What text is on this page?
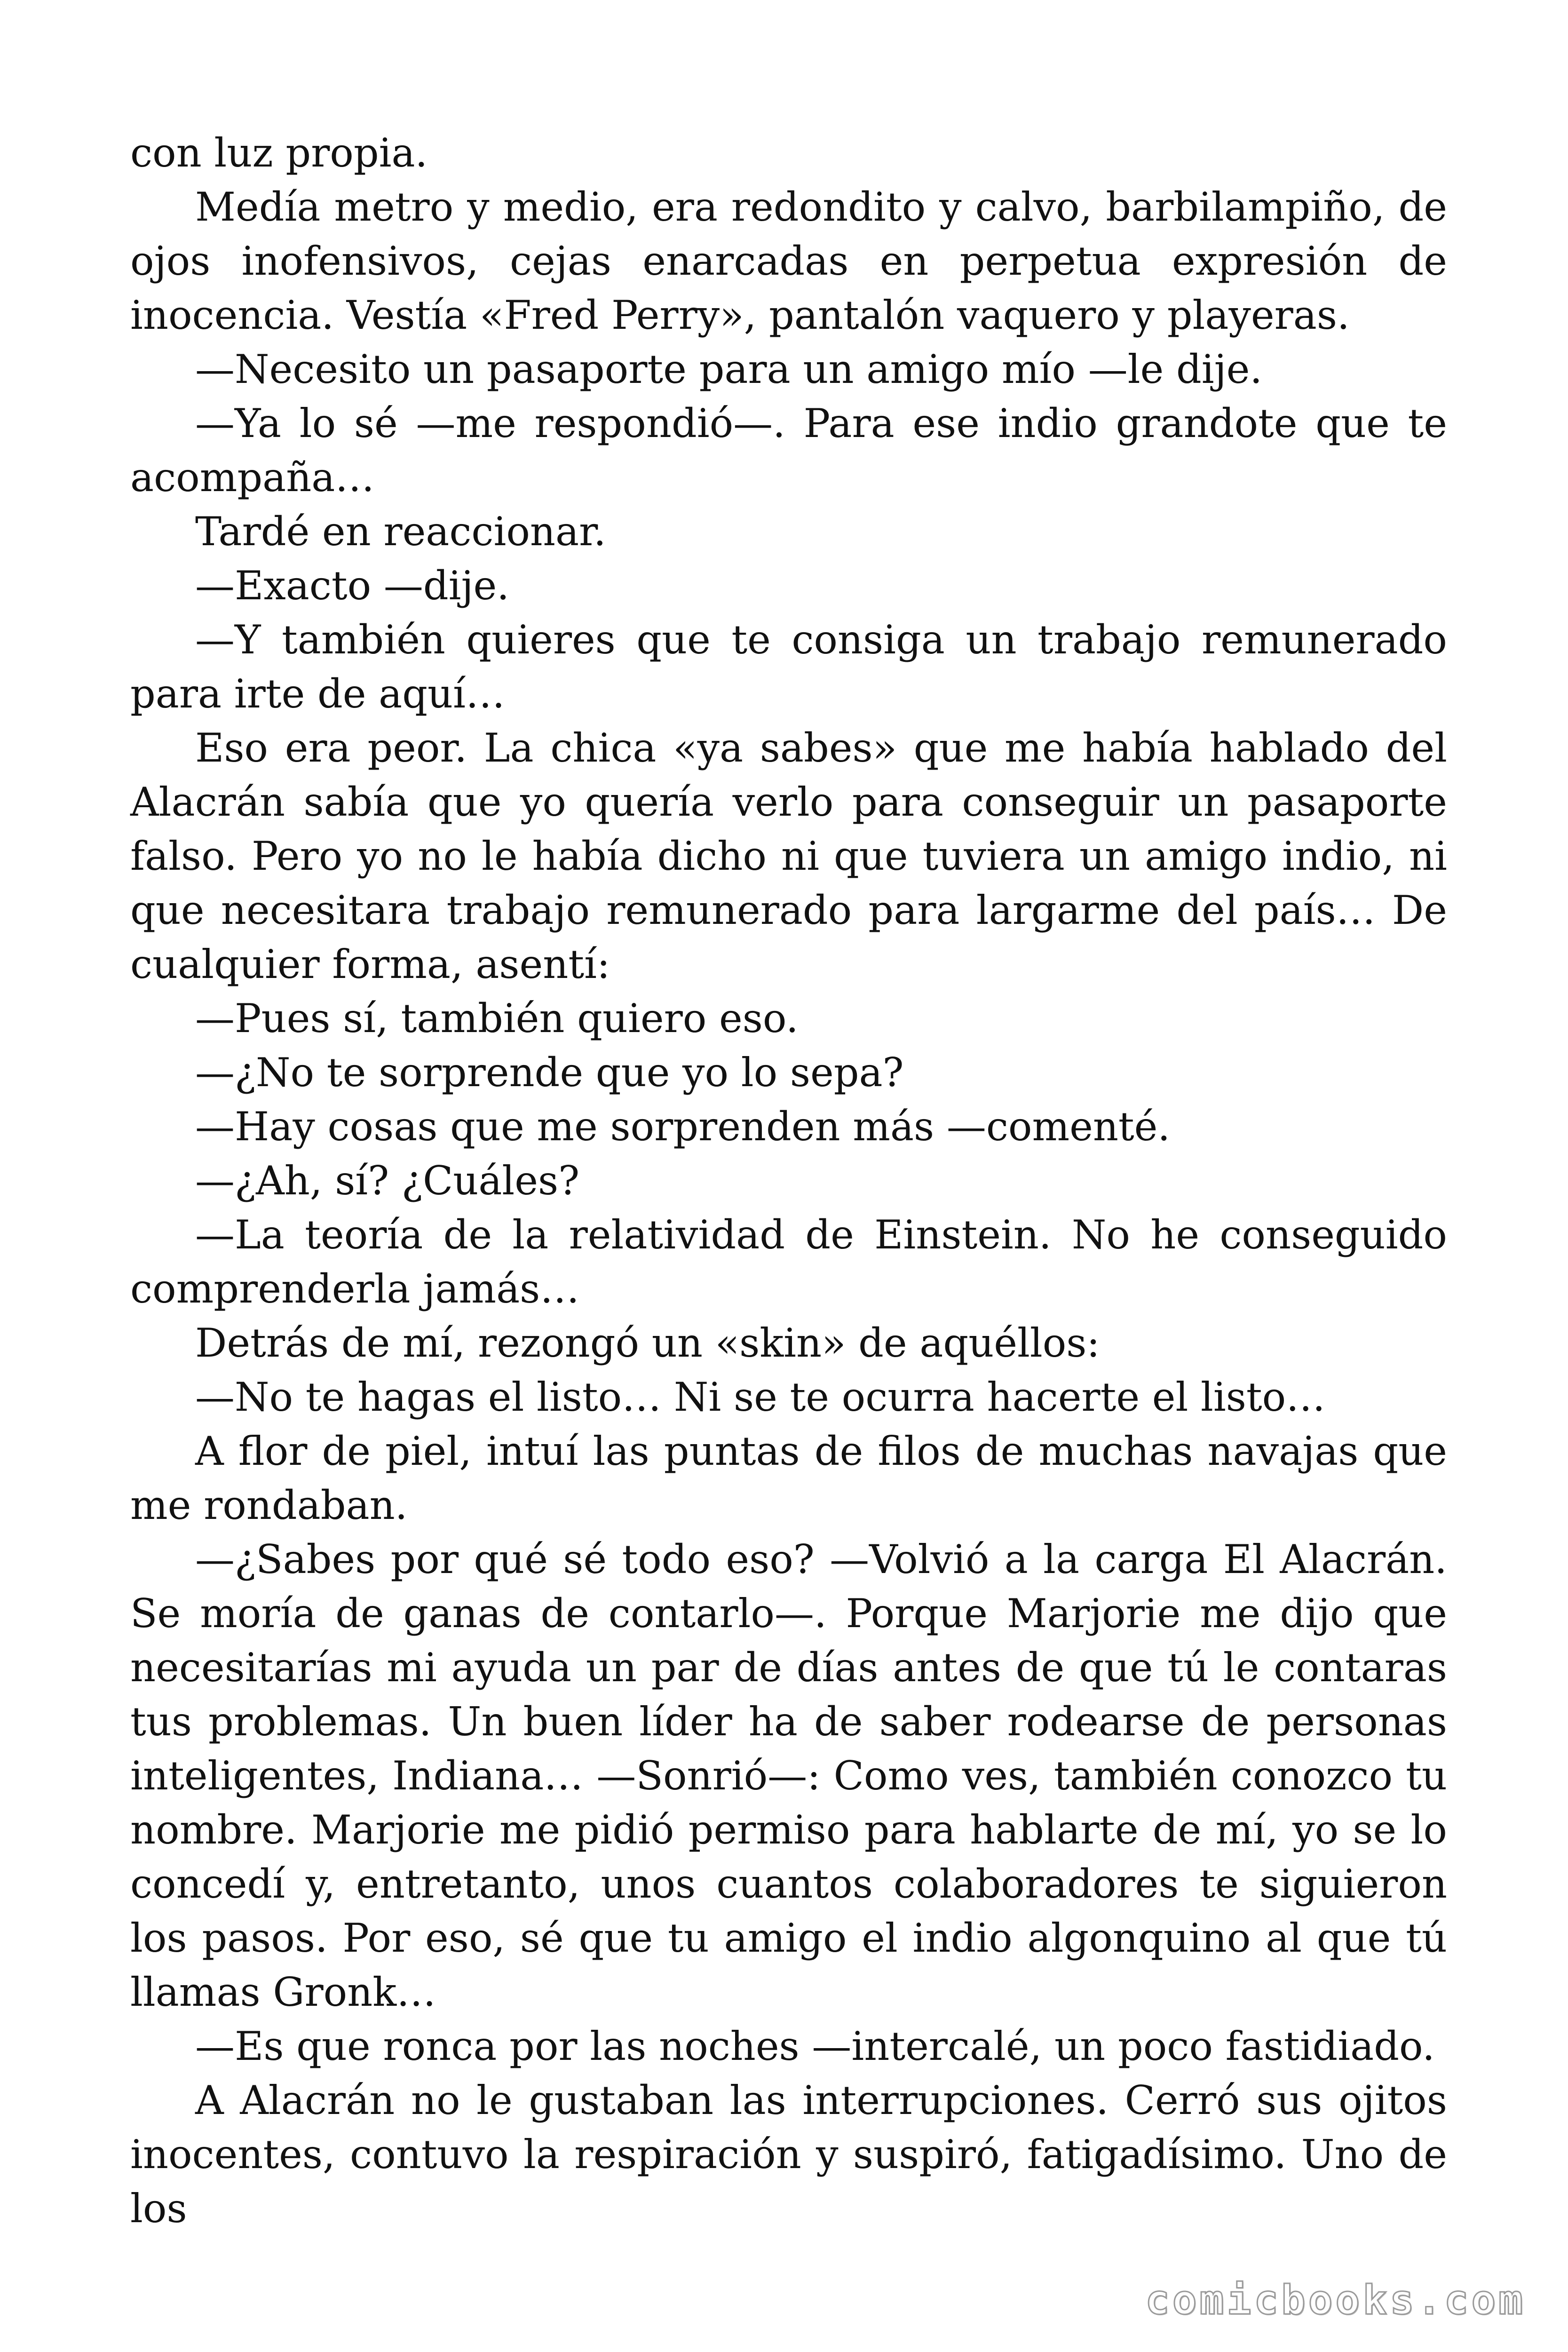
con luz propia.

Medía metro y medio, era redondito y calvo, barbilampiño, de ojos inofensivos, cejas enarcadas en perpetua expresión de inocencia. Vestía «Fred Perry», pantalón vaquero y playeras.

—Necesito un pasaporte para un amigo mío —le dije.

—Ya lo sé —me respondió—. Para ese indio grandote que te acompaña…

Tardé en reaccionar.

—Exacto —dije.

—Y también quieres que te consiga un trabajo remunerado para irte de aquí…

Eso era peor. La chica «ya sabes» que me había hablado del Alacrán sabía que yo quería verlo para conseguir un pasaporte falso. Pero yo no le había dicho ni que tuviera un amigo indio, ni que necesitara trabajo remunerado para largarme del país… De cualquier forma, asentí:

—Pues sí, también quiero eso.

—¿No te sorprende que yo lo sepa?

—Hay cosas que me sorprenden más —comenté.

—¿Ah, sí? ¿Cuáles?

—La teoría de la relatividad de Einstein. No he conseguido comprenderla jamás…

Detrás de mí, rezongó un «skin» de aquéllos:

—No te hagas el listo… Ni se te ocurra hacerte el listo…

A flor de piel, intuí las puntas de filos de muchas navajas que me rondaban.

—¿Sabes por qué sé todo eso? —Volvió a la carga El Alacrán. Se moría de ganas de contarlo—. Porque Marjorie me dijo que necesitarías mi ayuda un par de días antes de que tú le contaras tus problemas. Un buen líder ha de saber rodearse de personas inteligentes, Indiana… —Sonrió—: Como ves, también conozco tu nombre. Marjorie me pidió permiso para hablarte de mí, yo se lo concedí y, entretanto, unos cuantos colaboradores te siguieron los pasos. Por eso, sé que tu amigo el indio algonquino al que tú llamas Gronk…

—Es que ronca por las noches —intercalé, un poco fastidiado.

A Alacrán no le gustaban las interrupciones. Cerró sus ojitos inocentes, contuvo la respiración y suspiró, fatigadísimo. Uno de los

comicbooks.com
